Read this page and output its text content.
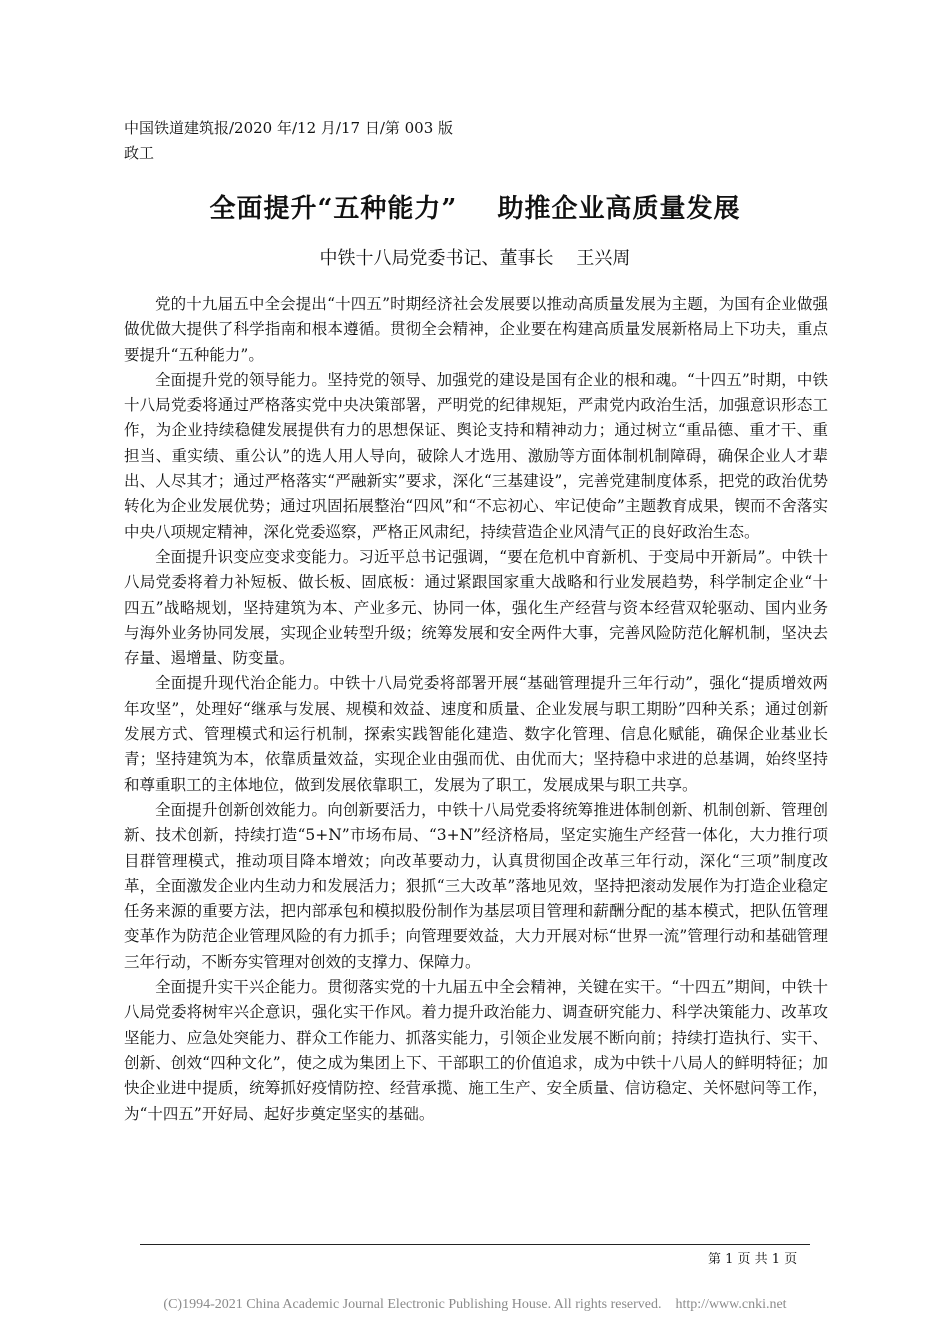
中国铁道建筑报/2020 年/12 月/17 日/第 003 版
政工
全面提升“五种能力”    助推企业高质量发展
中铁十八局党委书记、董事长    王兴周

党的十九届五中全会提出“十四五”时期经济社会发展要以推动高质量发展为主题，为国有企业做强做优做大提供了科学指南和根本遵循。贯彻全会精神，企业要在构建高质量发展新格局上下功夫，重点要提升“五种能力”。

全面提升党的领导能力。坚持党的领导、加强党的建设是国有企业的根和魂。“十四五”时期，中铁十八局党委将通过严格落实党中央决策部署，严明党的纪律规矩，严肃党内政治生活，加强意识形态工作，为企业持续稳健发展提供有力的思想保证、舆论支持和精神动力；通过树立“重品德、重才干、重担当、重实绩、重公认”的选人用人导向，破除人才选用、激励等方面体制机制障碍，确保企业人才辈出、人尽其才；通过严格落实“严融新实”要求，深化“三基建设”，完善党建制度体系，把党的政治优势转化为企业发展优势；通过巩固拓展整治“四风”和“不忘初心、牢记使命”主题教育成果，锲而不舍落实中央八项规定精神，深化党委巡察，严格正风肃纪，持续营造企业风清气正的良好政治生态。

全面提升识变应变求变能力。习近平总书记强调，“要在危机中育新机、于变局中开新局”。中铁十八局党委将着力补短板、做长板、固底板：通过紧跟国家重大战略和行业发展趋势，科学制定企业“十四五”战略规划，坚持建筑为本、产业多元、协同一体，强化生产经营与资本经营双轮驱动、国内业务与海外业务协同发展，实现企业转型升级；统筹发展和安全两件大事，完善风险防范化解机制，坚决去存量、遏增量、防变量。

全面提升现代治企能力。中铁十八局党委将部署开展“基础管理提升三年行动”，强化“提质增效两年攻坚”，处理好“继承与发展、规模和效益、速度和质量、企业发展与职工期盼”四种关系；通过创新发展方式、管理模式和运行机制，探索实践智能化建造、数字化管理、信息化赋能，确保企业基业长青；坚持建筑为本，依靠质量效益，实现企业由强而优、由优而大；坚持稳中求进的总基调，始终坚持和尊重职工的主体地位，做到发展依靠职工，发展为了职工，发展成果与职工共享。

全面提升创新创效能力。向创新要活力，中铁十八局党委将统筹推进体制创新、机制创新、管理创新、技术创新，持续打造“5+N”市场布局、“3+N”经济格局，坚定实施生产经营一体化，大力推行项目群管理模式，推动项目降本增效；向改革要动力，认真贯彻国企改革三年行动，深化“三项”制度改革，全面激发企业内生动力和发展活力；狠抓“三大改革”落地见效，坚持把滚动发展作为打造企业稳定任务来源的重要方法，把内部承包和模拟股份制作为基层项目管理和薪酬分配的基本模式，把队伍管理变革作为防范企业管理风险的有力抓手；向管理要效益，大力开展对标“世界一流”管理行动和基础管理三年行动，不断夯实管理对创效的支撑力、保障力。

全面提升实干兴企能力。贯彻落实党的十九届五中全会精神，关键在实干。“十四五”期间，中铁十八局党委将树牢兴企意识，强化实干作风。着力提升政治能力、调查研究能力、科学决策能力、改革攻坚能力、应急处突能力、群众工作能力、抓落实能力，引领企业发展不断向前；持续打造执行、实干、创新、创效“四种文化”，使之成为集团上下、干部职工的价值追求，成为中铁十八局人的鲜明特征；加快企业进中提质，统筹抓好疫情防控、经营承揽、施工生产、安全质量、信访稳定、关怀慰问等工作，为“十四五”开好局、起好步奠定坚实的基础。

第 1 页 共 1 页
(C)1994-2021 China Academic Journal Electronic Publishing House. All rights reserved.    http://www.cnki.net
